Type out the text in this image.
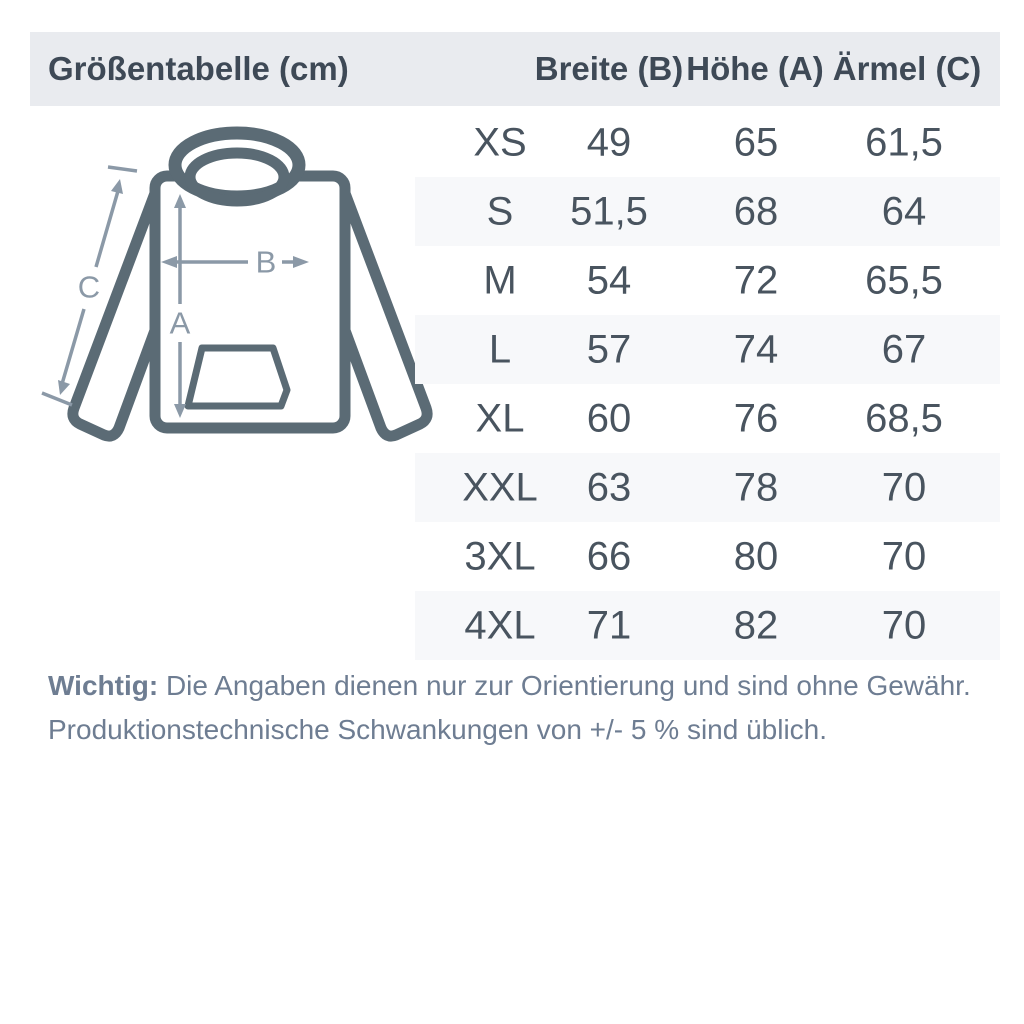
Größentabelle (cm)	Breite (B) Höhe (A) Ärmel (C)
A
B
C
XS 49	65 61,5
S 51,5 68	64
M 54	72 65,5
L 57	74	67
XL 60	76 68,5
XXL 63	78	70
3XL 66	80	70
4XL 71	82	70

Wichtig: Die Angaben dienen nur zur Orientierung und sind ohne Gewähr.

Produktionstechnische Schwankungen von +/- 5 % sind üblich.
